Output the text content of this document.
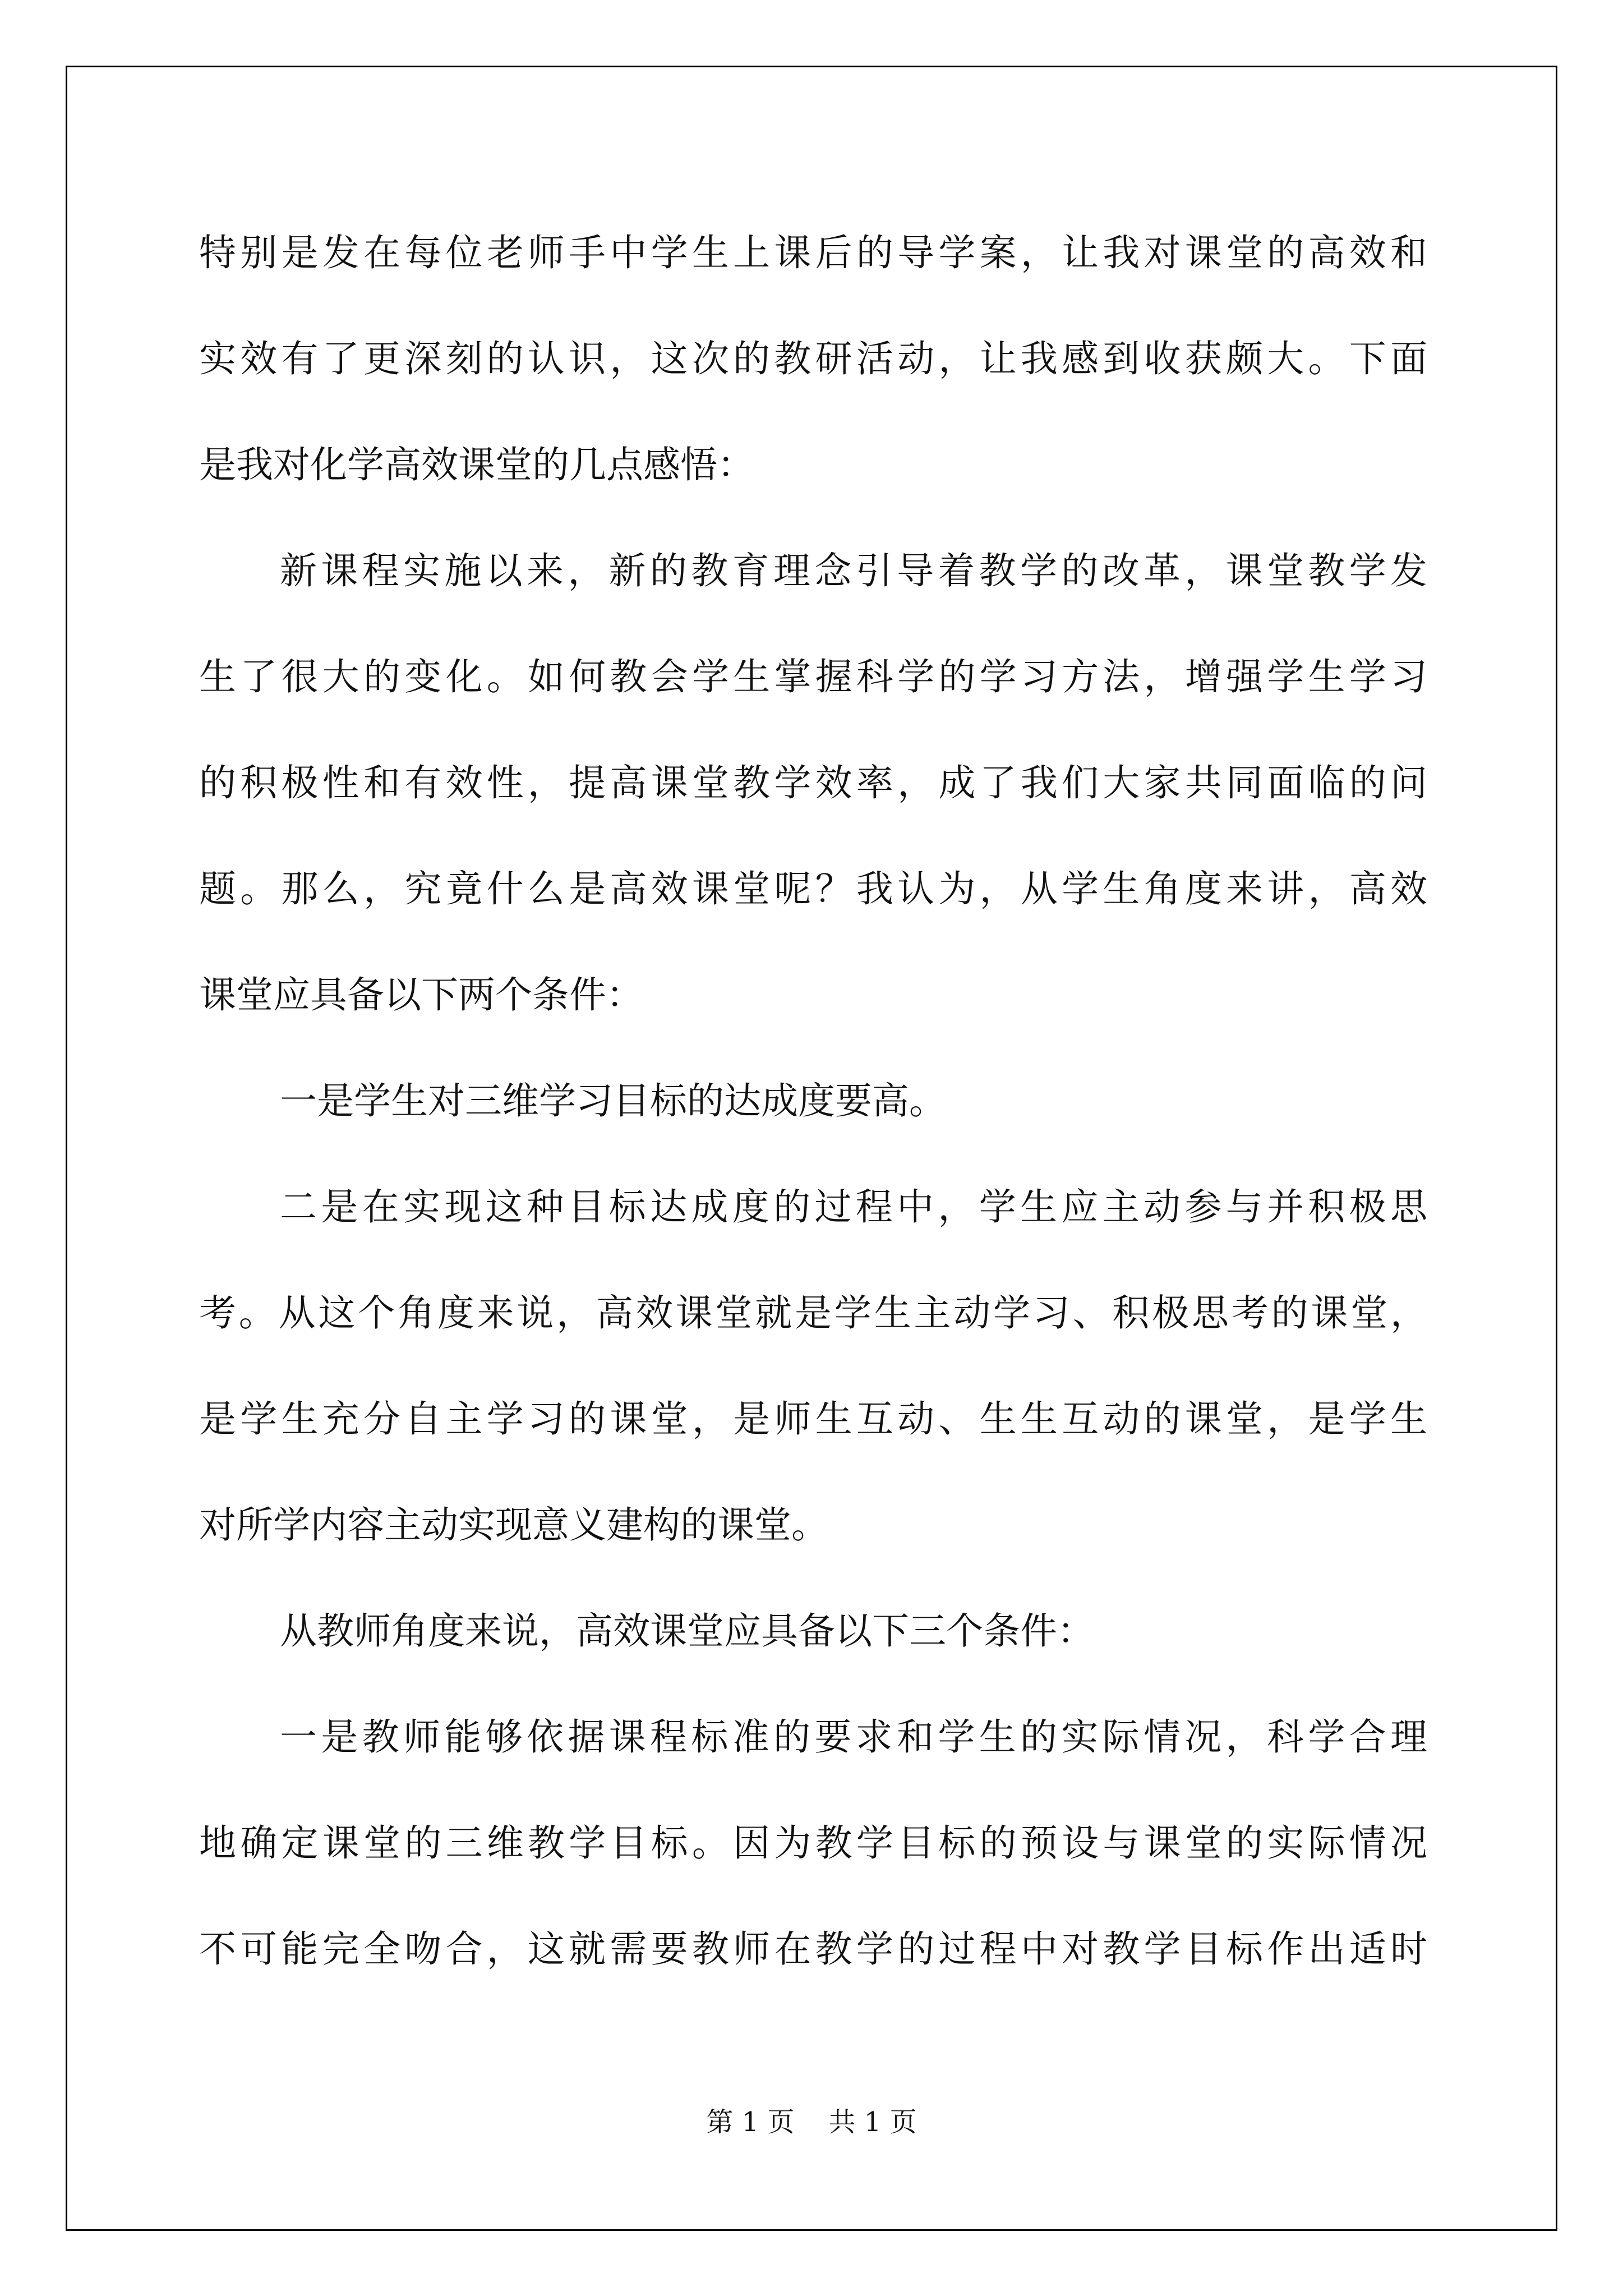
特别是发在每位老师手中学生上课后的导学案，让我对课堂的高效和
实效有了更深刻的认识，这次的教研活动，让我感到收获颇大。下面
是我对化学高效课堂的几点感悟：
新课程实施以来，新的教育理念引导着教学的改革，课堂教学发
生了很大的变化。如何教会学生掌握科学的学习方法，增强学生学习
的积极性和有效性，提高课堂教学效率，成了我们大家共同面临的问
题。那么，究竟什么是高效课堂呢？我认为，从学生角度来讲，高效
课堂应具备以下两个条件：
一是学生对三维学习目标的达成度要高。
二是在实现这种目标达成度的过程中，学生应主动参与并积极思
考。从这个角度来说，高效课堂就是学生主动学习、积极思考的课堂，
是学生充分自主学习的课堂，是师生互动、生生互动的课堂，是学生
对所学内容主动实现意义建构的课堂。
从教师角度来说，高效课堂应具备以下三个条件：
一是教师能够依据课程标准的要求和学生的实际情况，科学合理
地确定课堂的三维教学目标。因为教学目标的预设与课堂的实际情况
不可能完全吻合，这就需要教师在教学的过程中对教学目标作出适时
第 1 页    共 1 页
